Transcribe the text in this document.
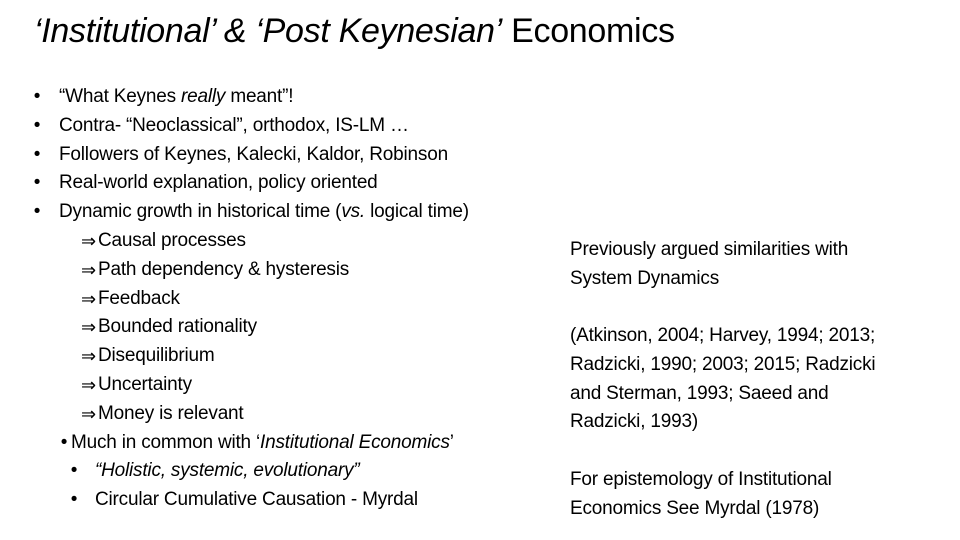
‘Institutional’ & ‘Post Keynesian’ Economics
• “What Keynes really meant”!
• Contra- “Neoclassical”, orthodox, IS-LM …
• Followers of Keynes, Kalecki, Kaldor, Robinson
• Real-world explanation, policy oriented
• Dynamic growth in historical time (vs. logical time)
⇒ Causal processes
⇒ Path dependency & hysteresis
⇒ Feedback
⇒ Bounded rationality
⇒ Disequilibrium
⇒ Uncertainty
⇒ Money is relevant
• Much in common with ‘Institutional Economics’
• “Holistic, systemic, evolutionary”
• Circular Cumulative Causation - Myrdal
Previously argued similarities with
System Dynamics
(Atkinson, 2004; Harvey, 1994; 2013;
Radzicki, 1990; 2003; 2015; Radzicki
and Sterman, 1993; Saeed and
Radzicki, 1993)
For epistemology of Institutional
Economics See Myrdal (1978)
